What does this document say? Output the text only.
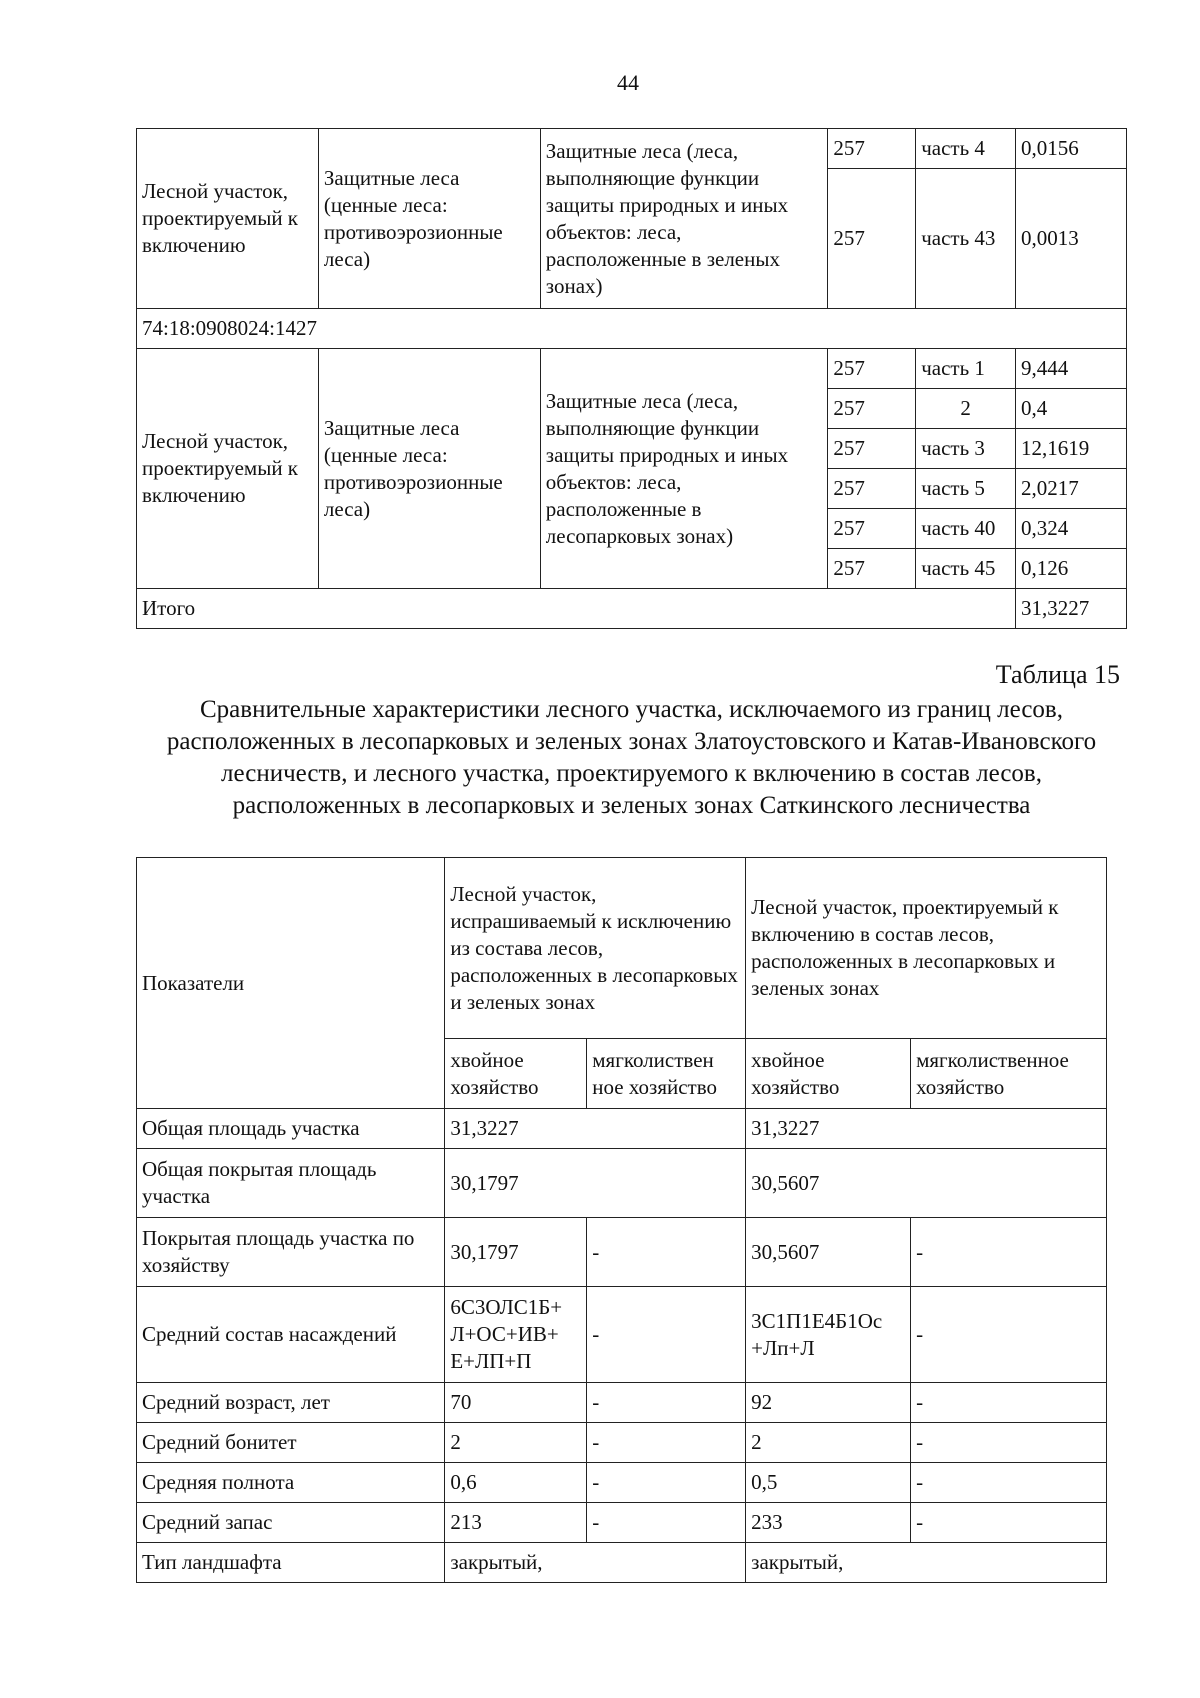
44
Лесной участок, проектируемый к включению	Защитные леса (ценные леса: противоэрозионные леса)	Защитные леса (леса, выполняющие функции защиты природных и иных объектов: леса, расположенные в зеленых зонах)	257	часть 4	0,0156
			257	часть 43	0,0013
74:18:0908024:1427					
Лесной участок, проектируемый к включению	Защитные леса (ценные леса: противоэрозионные леса)	Защитные леса (леса, выполняющие функции защиты природных и иных объектов: леса, расположенные в лесопарковых зонах)	257	часть 1	9,444
			257	2	0,4
			257	часть 3	12,1619
			257	часть 5	2,0217
			257	часть 40	0,324
			257	часть 45	0,126
Итого					31,3227
Таблица 15
Сравнительные характеристики лесного участка, исключаемого из границ лесов, расположенных в лесопарковых и зеленых зонах Златоустовского и Катав-Ивановского лесничеств, и лесного участка, проектируемого к включению в состав лесов, расположенных в лесопарковых и зеленых зонах Саткинского лесничества
Показатели	Лесной участок, испрашиваемый к исключению из состава лесов, расположенных в лесопарковых и зеленых зонах		Лесной участок, проектируемый к включению в состав лесов, расположенных в лесопарковых и зеленых зонах	
	хвойное хозяйство	мягколиствен ное хозяйство	хвойное хозяйство	мягколиственное хозяйство
Общая площадь участка	31,3227		31,3227	
Общая покрытая площадь участка	30,1797		30,5607	
Покрытая площадь участка по хозяйству	30,1797	-	30,5607	-
Средний состав насаждений	6С3ОЛС1Б+ Л+ОС+ИВ+ Е+ЛП+П	-	3С1П1Е4Б1Ос +Лп+Л	-
Средний возраст, лет	70	-	92	-
Средний бонитет	2	-	2	-
Средняя полнота	0,6	-	0,5	-
Средний запас	213	-	233	-
Тип ландшафта	закрытый,		закрытый,	
